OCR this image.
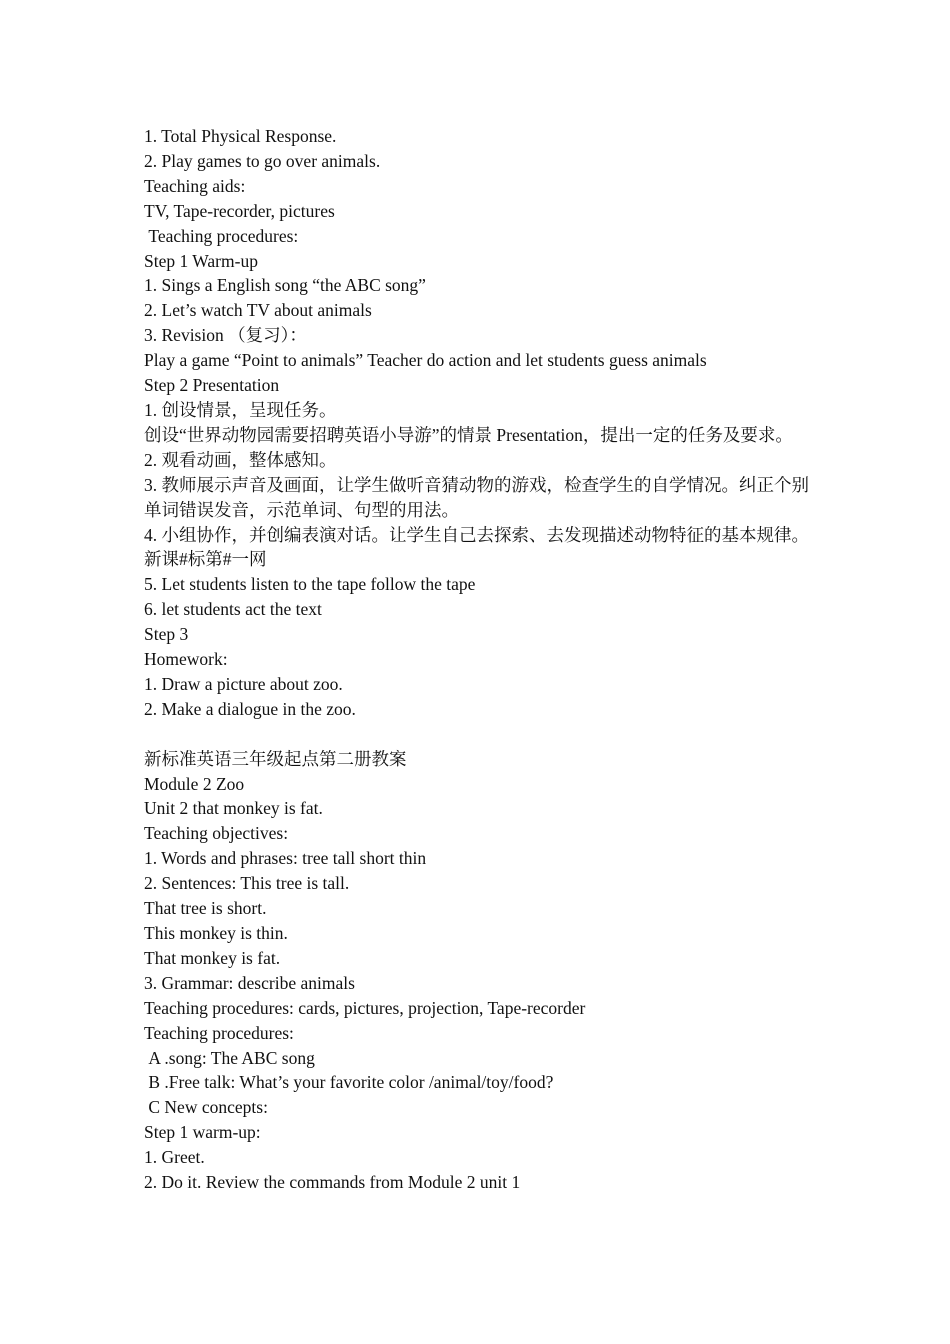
1. Total Physical Response.

2. Play games to go over animals.

Teaching aids:

TV, Tape-recorder, pictures

Teaching procedures:

Step 1 Warm-up

1. Sings a English song “the ABC song”

2. Let’s watch TV about animals

3. Revision （复习）：

Play a game “Point to animals” Teacher do action and let students guess animals

Step 2 Presentation

1. 创设情景，呈现任务。

创设“世界动物园需要招聘英语小导游”的情景 Presentation，提出一定的任务及要求。

2. 观看动画，整体感知。

3. 教师展示声音及画面，让学生做听音猜动物的游戏，检查学生的自学情况。纠正个别单词错误发音，示范单词、句型的用法。

4. 小组协作，并创编表演对话。让学生自己去探索、去发现描述动物特征的基本规律。新课#标第#一网

5. Let students listen to the tape follow the tape

6. let students act the text

Step 3

Homework:

1. Draw a picture about zoo.

2. Make a dialogue in the zoo.

新标准英语三年级起点第二册教案

Module 2 Zoo

Unit 2 that monkey is fat.

Teaching objectives:

1. Words and phrases: tree tall short thin

2. Sentences: This tree is tall.

That tree is short.

This monkey is thin.

That monkey is fat.

3. Grammar: describe animals

Teaching procedures: cards, pictures, projection, Tape-recorder

Teaching procedures:

A .song: The ABC song

B .Free talk: What’s your favorite color /animal/toy/food?

C New concepts:

Step 1 warm-up:

1. Greet.

2. Do it. Review the commands from Module 2 unit 1
